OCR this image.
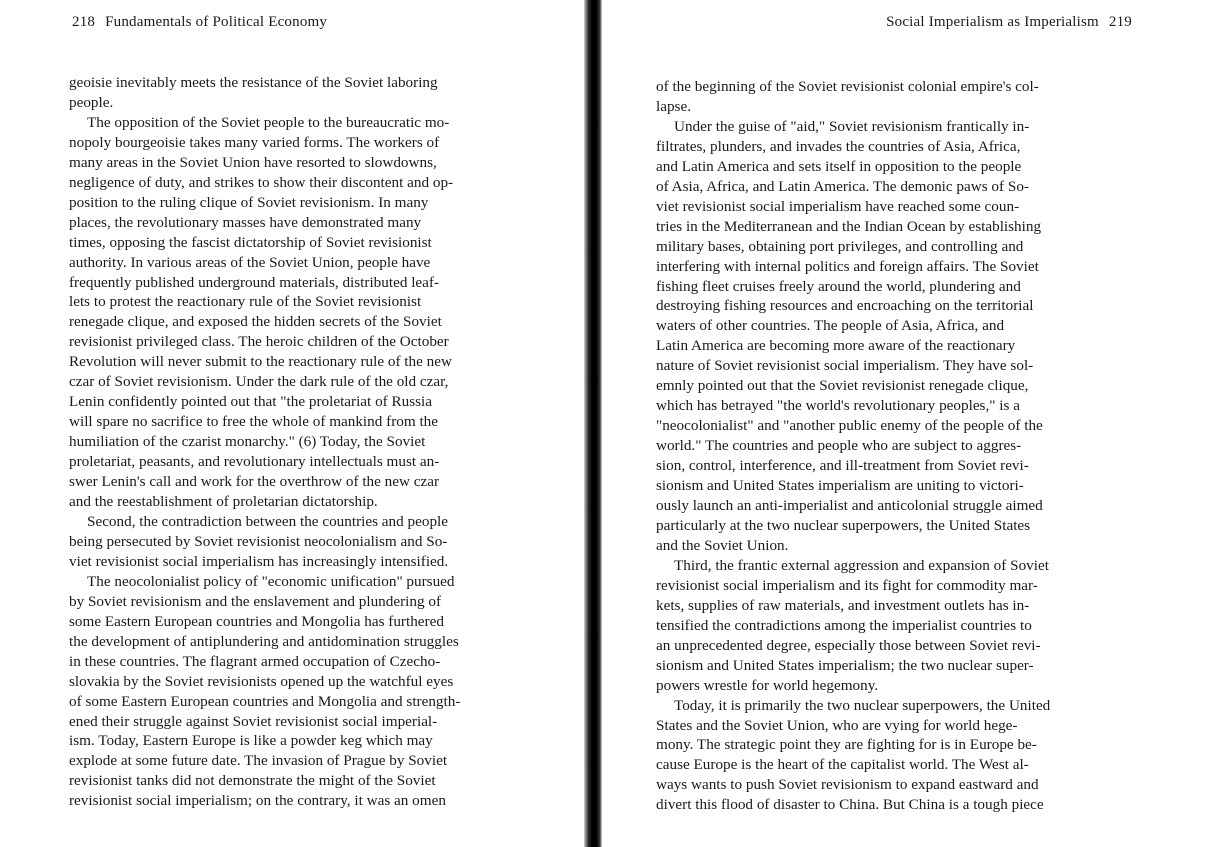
218 Fundamentals of Political Economy
geoisie inevitably meets the resistance of the Soviet laboring
people.
The opposition of the Soviet people to the bureaucratic mo-
nopoly bourgeoisie takes many varied forms. The workers of
many areas in the Soviet Union have resorted to slowdowns,
negligence of duty, and strikes to show their discontent and op-
position to the ruling clique of Soviet revisionism. In many
places, the revolutionary masses have demonstrated many
times, opposing the fascist dictatorship of Soviet revisionist
authority. In various areas of the Soviet Union, people have
frequently published underground materials, distributed leaf-
lets to protest the reactionary rule of the Soviet revisionist
renegade clique, and exposed the hidden secrets of the Soviet
revisionist privileged class. The heroic children of the October
Revolution will never submit to the reactionary rule of the new
czar of Soviet revisionism. Under the dark rule of the old czar,
Lenin confidently pointed out that "the proletariat of Russia
will spare no sacrifice to free the whole of mankind from the
humiliation of the czarist monarchy." (6) Today, the Soviet
proletariat, peasants, and revolutionary intellectuals must an-
swer Lenin's call and work for the overthrow of the new czar
and the reestablishment of proletarian dictatorship.
Second, the contradiction between the countries and people
being persecuted by Soviet revisionist neocolonialism and So-
viet revisionist social imperialism has increasingly intensified.
The neocolonialist policy of "economic unification" pursued
by Soviet revisionism and the enslavement and plundering of
some Eastern European countries and Mongolia has furthered
the development of antiplundering and antidomination struggles
in these countries. The flagrant armed occupation of Czecho-
slovakia by the Soviet revisionists opened up the watchful eyes
of some Eastern European countries and Mongolia and strength-
ened their struggle against Soviet revisionist social imperial-
ism. Today, Eastern Europe is like a powder keg which may
explode at some future date. The invasion of Prague by Soviet
revisionist tanks did not demonstrate the might of the Soviet
revisionist social imperialism; on the contrary, it was an omen
Social Imperialism as Imperialism 219
of the beginning of the Soviet revisionist colonial empire's col-
lapse.
Under the guise of "aid," Soviet revisionism frantically in-
filtrates, plunders, and invades the countries of Asia, Africa,
and Latin America and sets itself in opposition to the people
of Asia, Africa, and Latin America. The demonic paws of So-
viet revisionist social imperialism have reached some coun-
tries in the Mediterranean and the Indian Ocean by establishing
military bases, obtaining port privileges, and controlling and
interfering with internal politics and foreign affairs. The Soviet
fishing fleet cruises freely around the world, plundering and
destroying fishing resources and encroaching on the territorial
waters of other countries. The people of Asia, Africa, and
Latin America are becoming more aware of the reactionary
nature of Soviet revisionist social imperialism. They have sol-
emnly pointed out that the Soviet revisionist renegade clique,
which has betrayed "the world's revolutionary peoples," is a
"neocolonialist" and "another public enemy of the people of the
world." The countries and people who are subject to aggres-
sion, control, interference, and ill-treatment from Soviet revi-
sionism and United States imperialism are uniting to victori-
ously launch an anti-imperialist and anticolonial struggle aimed
particularly at the two nuclear superpowers, the United States
and the Soviet Union.
Third, the frantic external aggression and expansion of Soviet
revisionist social imperialism and its fight for commodity mar-
kets, supplies of raw materials, and investment outlets has in-
tensified the contradictions among the imperialist countries to
an unprecedented degree, especially those between Soviet revi-
sionism and United States imperialism; the two nuclear super-
powers wrestle for world hegemony.
Today, it is primarily the two nuclear superpowers, the United
States and the Soviet Union, who are vying for world hege-
mony. The strategic point they are fighting for is in Europe be-
cause Europe is the heart of the capitalist world. The West al-
ways wants to push Soviet revisionism to expand eastward and
divert this flood of disaster to China. But China is a tough piece
